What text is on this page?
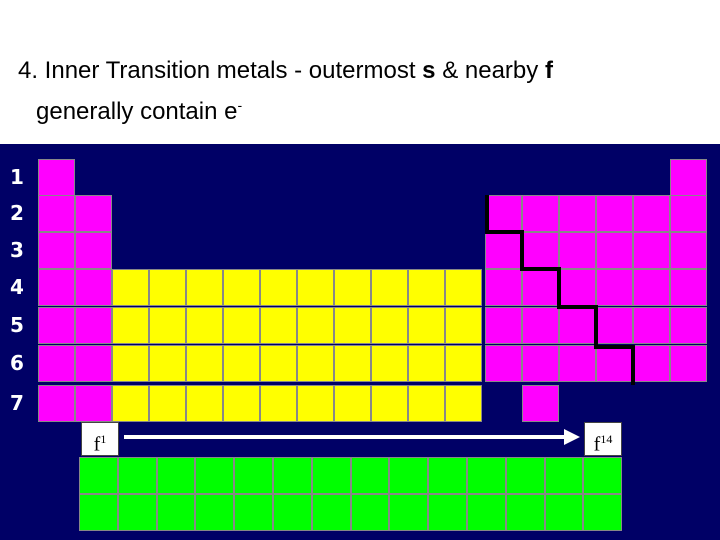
4. Inner Transition metals - outermost s & nearby f
generally contain e-
1
2
3
4
5
6
7
$f^1$	$f^{14}$
